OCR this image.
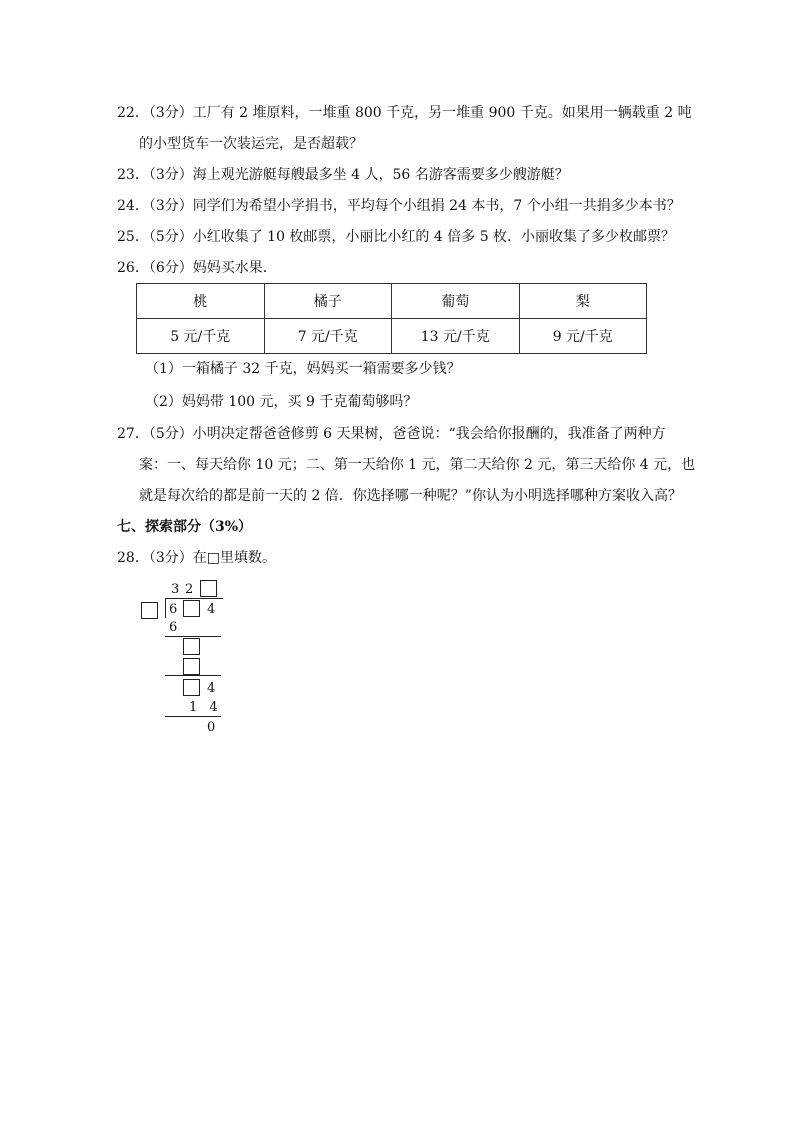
22．（3分）工厂有 2 堆原料，一堆重 800 千克，另一堆重 900 千克。如果用一辆载重 2 吨
的小型货车一次装运完，是否超载？
23．（3分）海上观光游艇每艘最多坐 4 人，56 名游客需要多少艘游艇？
24．（3分）同学们为希望小学捐书，平均每个小组捐 24 本书，7 个小组一共捐多少本书？
25．（5分）小红收集了 10 枚邮票，小丽比小红的 4 倍多 5 枚．小丽收集了多少枚邮票？
26．（6分）妈妈买水果．
桃	橘子	葡萄	梨
5 元/千克	7 元/千克	13 元/千克	9 元/千克
（1）一箱橘子 32 千克，妈妈买一箱需要多少钱？
（2）妈妈带 100 元，买 9 千克葡萄够吗？
27．（5分）小明决定帮爸爸修剪 6 天果树，爸爸说：“我会给你报酬的，我准备了两种方
案：一、每天给你 10 元；二、第一天给你 1 元，第二天给你 2 元，第三天给你 4 元，也
就是每次给的都是前一天的 2 倍．你选择哪一种呢？”你认为小明选择哪种方案收入高？
七、探索部分（3%）
28．（3分）在□里填数。
3 2
6 4
6
4
1 4
0
